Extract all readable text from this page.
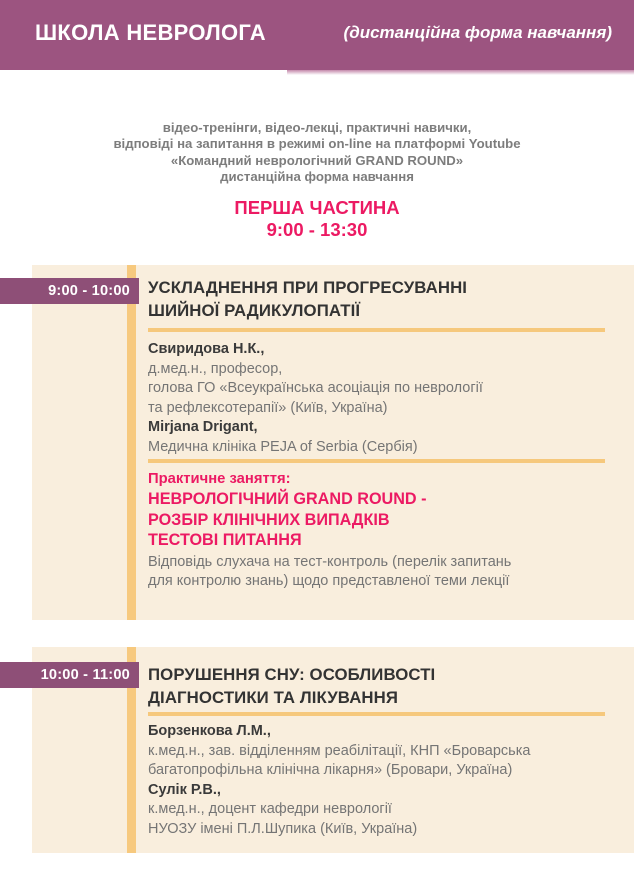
ШКОЛА НЕВРОЛОГА	(дистанційна форма навчання)
відео-тренінги, відео-лекці, практичні навички,
відповіді на запитання в режимі on-line на платформі Youtube
«Командний неврологічний GRAND ROUND»
дистанційна форма навчання
ПЕРША ЧАСТИНА
9:00 - 13:30
9:00 - 10:00	УСКЛАДНЕННЯ ПРИ ПРОГРЕСУВАННІ
ШИЙНОЇ РАДИКУЛОПАТІЇ
Свиридова Н.К.,
д.мед.н., професор,
голова ГО «Всеукраїнська асоціація по неврології
та рефлексотерапії» (Київ, Україна)
Mirjana Drigant,
Медична клініка PEJA of Serbia (Сербія)
Практичне заняття:
НЕВРОЛОГІЧНИЙ GRAND ROUND -
РОЗБІР КЛІНІЧНИХ ВИПАДКІВ
ТЕСТОВІ ПИТАННЯ
Відповідь слухача на тест-контроль (перелік запитань
для контролю знань) щодо представленої теми лекції
10:00 - 11:00	ПОРУШЕННЯ СНУ: ОСОБЛИВОСТІ
ДІАГНОСТИКИ ТА ЛІКУВАННЯ
Борзенкова Л.М.,
к.мед.н., зав. відділенням реабілітації, КНП «Броварська
багатопрофільна клінічна лікарня» (Бровари, Україна)
Сулік Р.В.,
к.мед.н., доцент кафедри неврології
НУОЗУ імені П.Л.Шупика (Київ, Україна)
